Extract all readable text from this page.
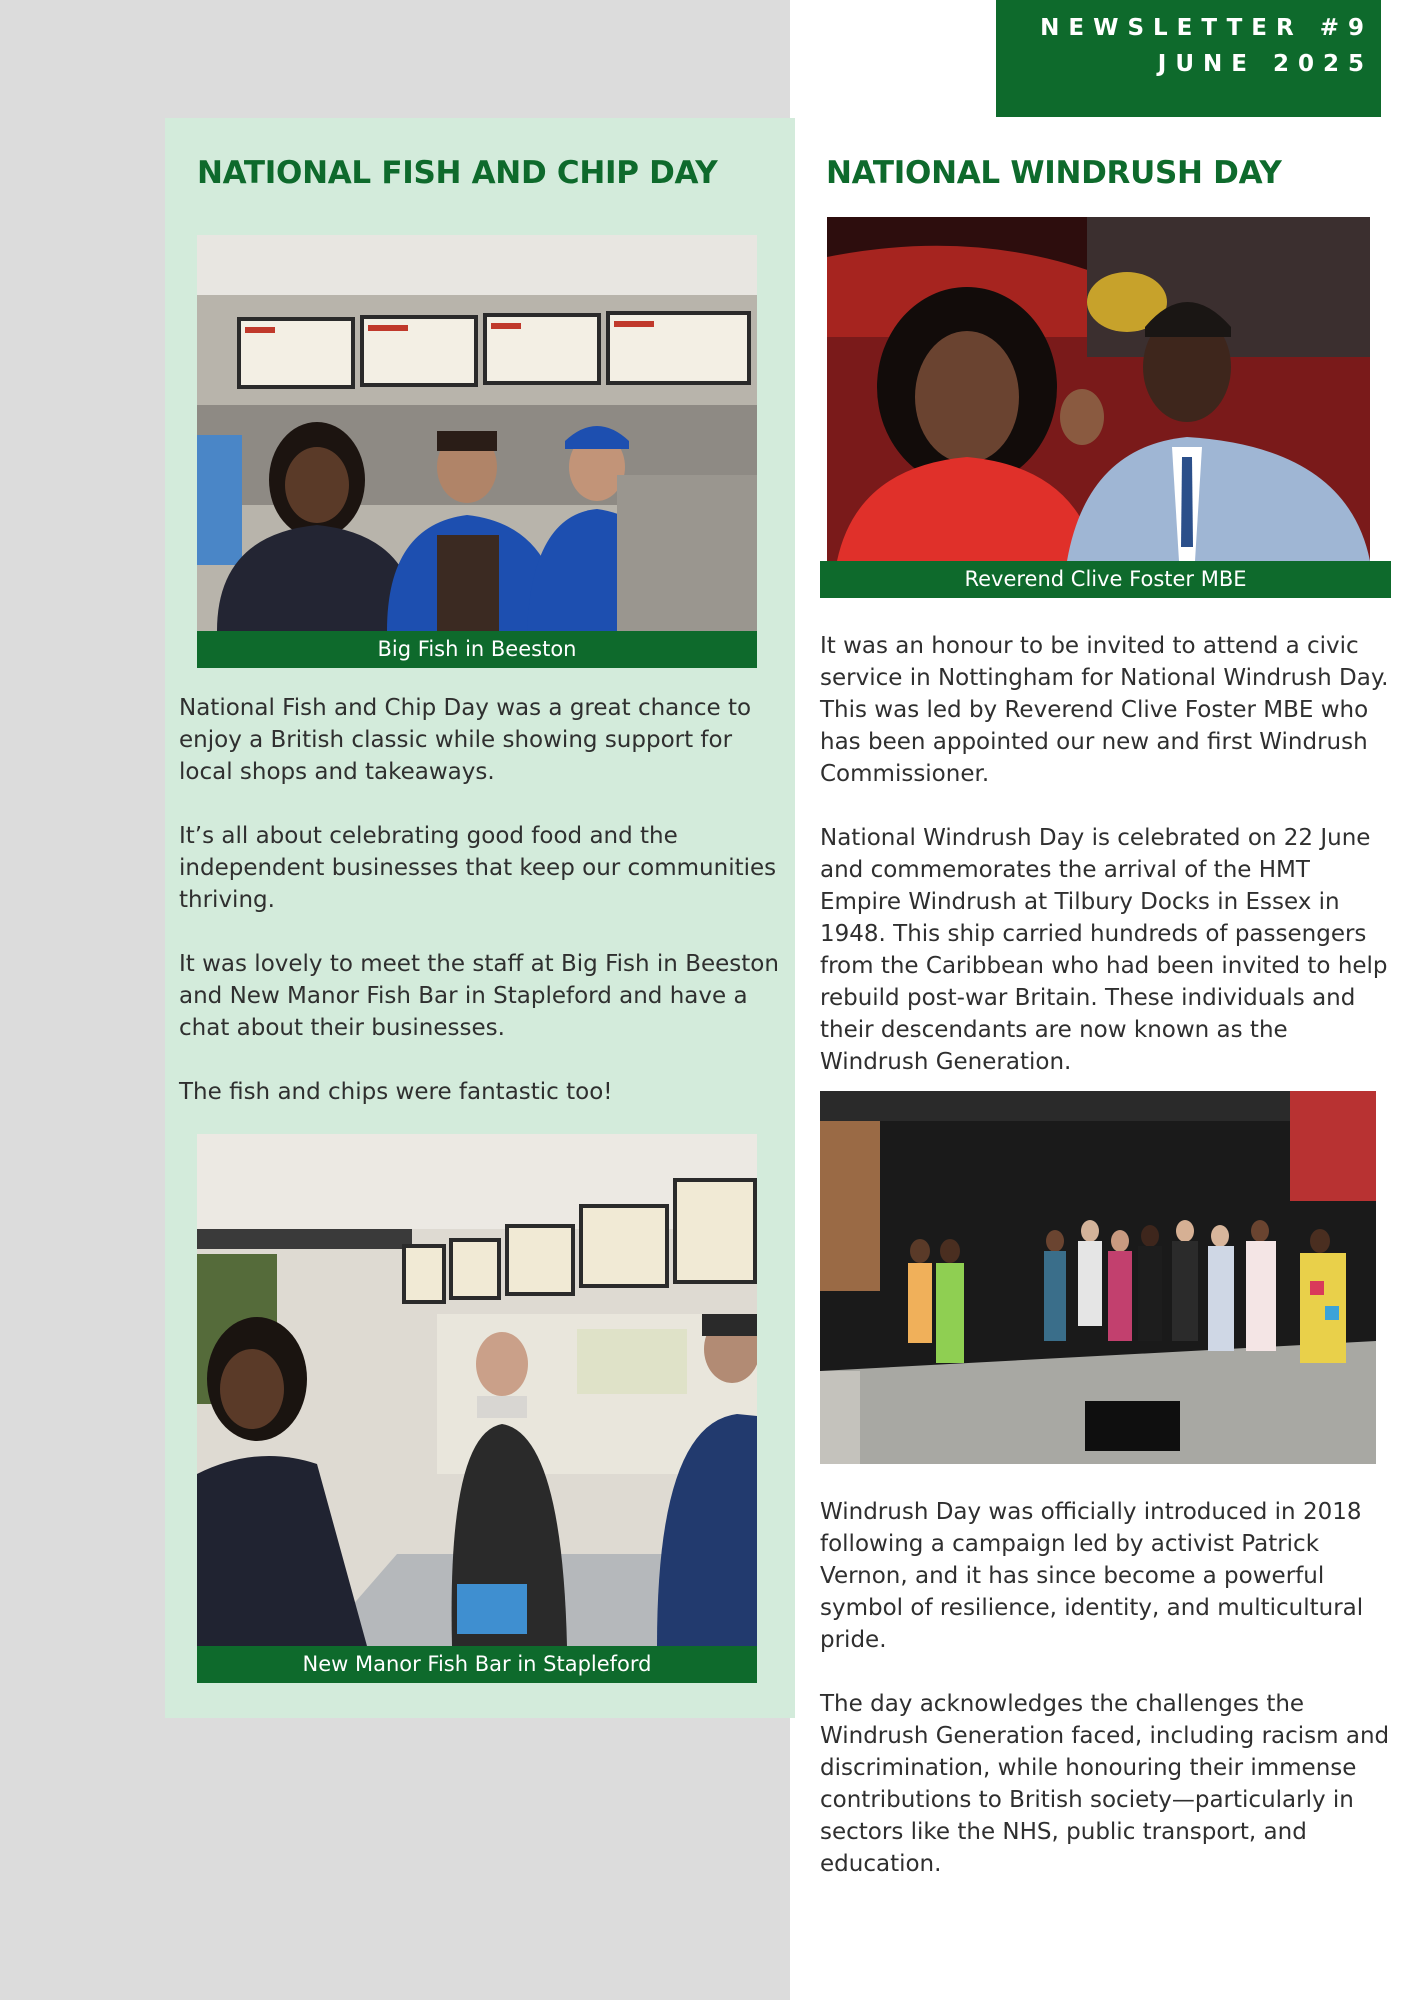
NEWSLETTER #9
JUNE 2025
NATIONAL FISH AND CHIP DAY
Big Fish in Beeston

National Fish and Chip Day was a great chance to enjoy a British classic while showing support for local shops and takeaways.

It’s all about celebrating good food and the independent businesses that keep our communities thriving.

It was lovely to meet the staff at Big Fish in Beeston and New Manor Fish Bar in Stapleford and have a chat about their businesses.

The fish and chips were fantastic too!

New Manor Fish Bar in Stapleford
NATIONAL WINDRUSH DAY
Reverend Clive Foster MBE

It was an honour to be invited to attend a civic service in Nottingham for National Windrush Day. This was led by Reverend Clive Foster MBE who has been appointed our new and first Windrush Commissioner.

National Windrush Day is celebrated on 22 June and commemorates the arrival of the HMT Empire Windrush at Tilbury Docks in Essex in 1948. This ship carried hundreds of passengers from the Caribbean who had been invited to help rebuild post-war Britain. These individuals and their descendants are now known as the Windrush Generation.

Windrush Day was officially introduced in 2018 following a campaign led by activist Patrick Vernon, and it has since become a powerful symbol of resilience, identity, and multicultural pride.

The day acknowledges the challenges the Windrush Generation faced, including racism and discrimination, while honouring their immense contributions to British society—particularly in sectors like the NHS, public transport, and education.
